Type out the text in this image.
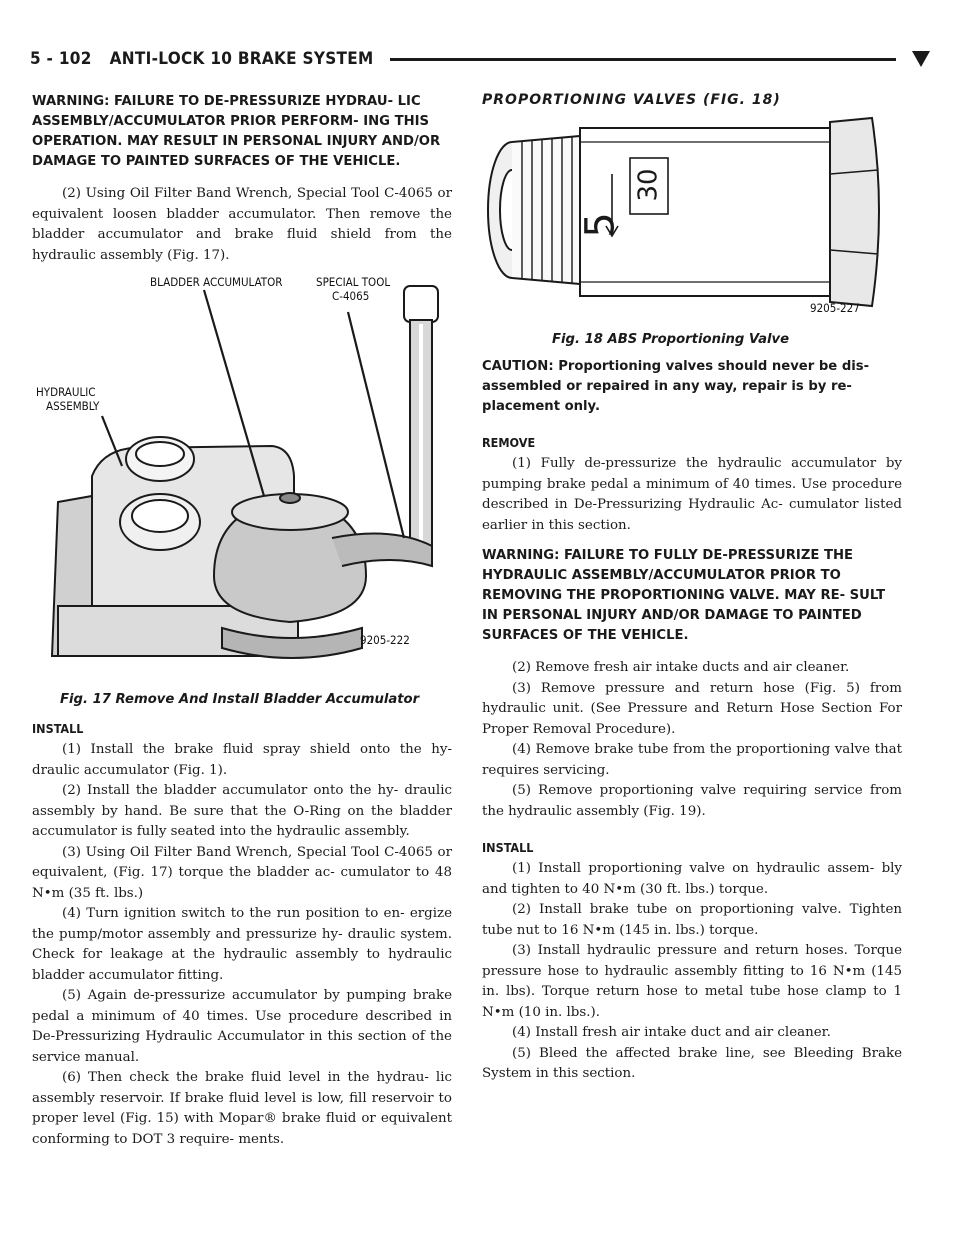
5 - 102 ANTI-LOCK 10 BRAKE SYSTEM
WARNING: FAILURE TO DE-PRESSURIZE HYDRAU- LIC ASSEMBLY/ACCUMULATOR PRIOR PERFORM- ING THIS OPERATION. MAY RESULT IN PERSONAL INJURY AND/OR DAMAGE TO PAINTED SURFACES OF THE VEHICLE.

(2) Using Oil Filter Band Wrench, Special Tool C-4065 or equivalent loosen bladder accumulator. Then remove the bladder accumulator and brake fluid shield from the hydraulic assembly (Fig. 17).

BLADDER ACCUMULATOR	SPECIAL TOOL
C-4065
HYDRAULIC
ASSEMBLY
9205-222
Fig. 17 Remove And Install Bladder Accumulator
INSTALL

(1) Install the brake fluid spray shield onto the hy- draulic accumulator (Fig. 1).

(2) Install the bladder accumulator onto the hy- draulic assembly by hand. Be sure that the O-Ring on the bladder accumulator is fully seated into the hydraulic assembly.

(3) Using Oil Filter Band Wrench, Special Tool C-4065 or equivalent, (Fig. 17) torque the bladder ac- cumulator to 48 N•m (35 ft. lbs.)

(4) Turn ignition switch to the run position to en- ergize the pump/motor assembly and pressurize hy- draulic system. Check for leakage at the hydraulic assembly to hydraulic bladder accumulator fitting.

(5) Again de-pressurize accumulator by pumping brake pedal a minimum of 40 times. Use procedure described in De-Pressurizing Hydraulic Accumulator in this section of the service manual.

(6) Then check the brake fluid level in the hydrau- lic assembly reservoir. If brake fluid level is low, fill reservoir to proper level (Fig. 15) with Mopar® brake fluid or equivalent conforming to DOT 3 require- ments.

PROPORTIONING VALVES (FIG. 18)
5
30
9205-227
Fig. 18 ABS Proportioning Valve
CAUTION: Proportioning valves should never be dis- assembled or repaired in any way, repair is by re- placement only.
REMOVE

(1) Fully de-pressurize the hydraulic accumulator by pumping brake pedal a minimum of 40 times. Use procedure described in De-Pressurizing Hydraulic Ac- cumulator listed earlier in this section.

WARNING: FAILURE TO FULLY DE-PRESSURIZE THE HYDRAULIC ASSEMBLY/ACCUMULATOR PRIOR TO REMOVING THE PROPORTIONING VALVE. MAY RE- SULT IN PERSONAL INJURY AND/OR DAMAGE TO PAINTED SURFACES OF THE VEHICLE.

(2) Remove fresh air intake ducts and air cleaner.

(3) Remove pressure and return hose (Fig. 5) from hydraulic unit. (See Pressure and Return Hose Section For Proper Removal Procedure).

(4) Remove brake tube from the proportioning valve that requires servicing.

(5) Remove proportioning valve requiring service from the hydraulic assembly (Fig. 19).

INSTALL

(1) Install proportioning valve on hydraulic assem- bly and tighten to 40 N•m (30 ft. lbs.) torque.

(2) Install brake tube on proportioning valve. Tighten tube nut to 16 N•m (145 in. lbs.) torque.

(3) Install hydraulic pressure and return hoses. Torque pressure hose to hydraulic assembly fitting to 16 N•m (145 in. lbs). Torque return hose to metal tube hose clamp to 1 N•m (10 in. lbs.).

(4) Install fresh air intake duct and air cleaner.

(5) Bleed the affected brake line, see Bleeding Brake System in this section.
